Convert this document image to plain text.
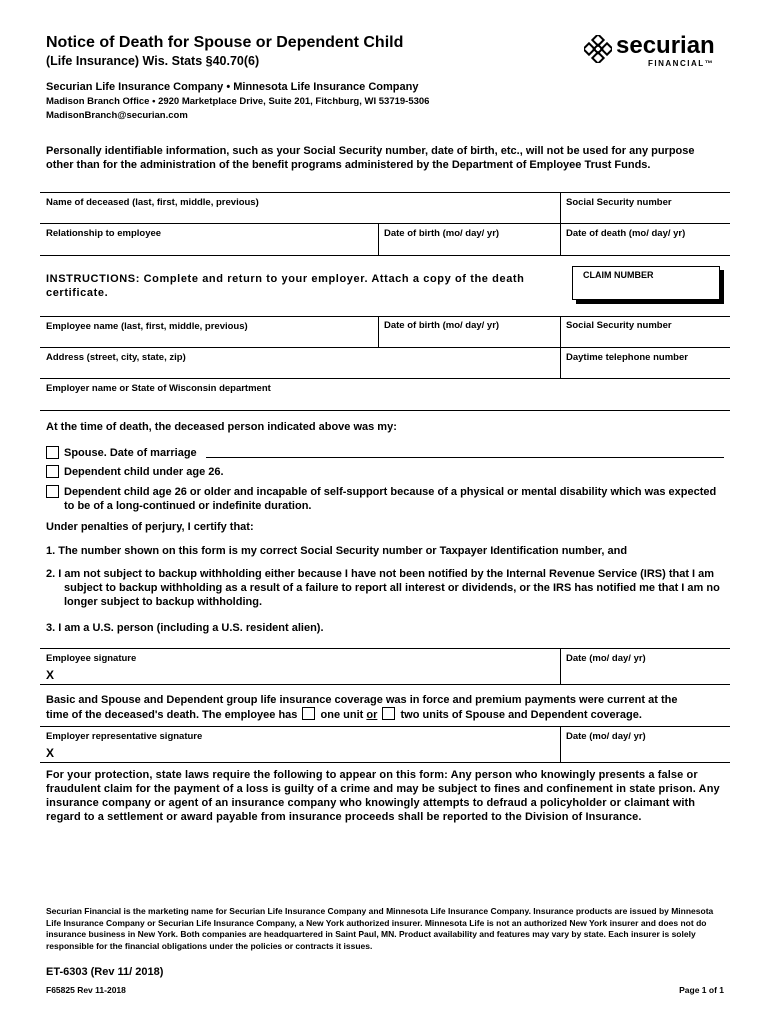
Notice of Death for Spouse or Dependent Child
(Life Insurance) Wis. Stats §40.70(6)
Securian Life Insurance Company • Minnesota Life Insurance Company
Madison Branch Office • 2920 Marketplace Drive, Suite 201, Fitchburg, WI 53719-5306
MadisonBranch@securian.com
securian
FINANCIAL™
Personally identifiable information, such as your Social Security number, date of birth, etc., will not be used for any purpose other than for the administration of the benefit programs administered by the Department of Employee Trust Funds.
Name of deceased (last, first, middle, previous)	Social Security number
Relationship to employee	Date of birth (mo/ day/ yr)	Date of death (mo/ day/ yr)
INSTRUCTIONS: Complete and return to your employer. Attach a copy of the death certificate.
CLAIM NUMBER
Employee name (last, first, middle, previous)	Date of birth (mo/ day/ yr)	Social Security number
Address (street, city, state, zip)	Daytime telephone number
Employer name or State of Wisconsin department
At the time of death, the deceased person indicated above was my:
Spouse. Date of marriage
Dependent child under age 26.
Dependent child age 26 or older and incapable of self-support because of a physical or mental disability which was expected to be of a long-continued or indefinite duration.
Under penalties of perjury, I certify that:
1. The number shown on this form is my correct Social Security number or Taxpayer Identification number, and
2. I am not subject to backup withholding either because I have not been notified by the Internal Revenue Service (IRS) that I am subject to backup withholding as a result of a failure to report all interest or dividends, or the IRS has notified me that I am no longer subject to backup withholding.
3. I am a U.S. person (including a U.S. resident alien).
Employee signature	Date (mo/ day/ yr)
X
Basic and Spouse and Dependent group life insurance coverage was in force and premium payments were current at the
time of the deceased's death. The employee has one unit or two units of Spouse and Dependent coverage.
Employer representative signature	Date (mo/ day/ yr)
X
For your protection, state laws require the following to appear on this form: Any person who knowingly presents a false or fraudulent claim for the payment of a loss is guilty of a crime and may be subject to fines and confinement in state prison. Any insurance company or agent of an insurance company who knowingly attempts to defraud a policyholder or claimant with regard to a settlement or award payable from insurance proceeds shall be reported to the Division of Insurance.
Securian Financial is the marketing name for Securian Life Insurance Company and Minnesota Life Insurance Company. Insurance products are issued by Minnesota Life Insurance Company or Securian Life Insurance Company, a New York authorized insurer. Minnesota Life is not an authorized New York insurer and does not do insurance business in New York. Both companies are headquartered in Saint Paul, MN. Product availability and features may vary by state. Each insurer is solely responsible for the financial obligations under the policies or contracts it issues.
ET-6303 (Rev 11/ 2018)
F65825 Rev 11-2018	Page 1 of 1
